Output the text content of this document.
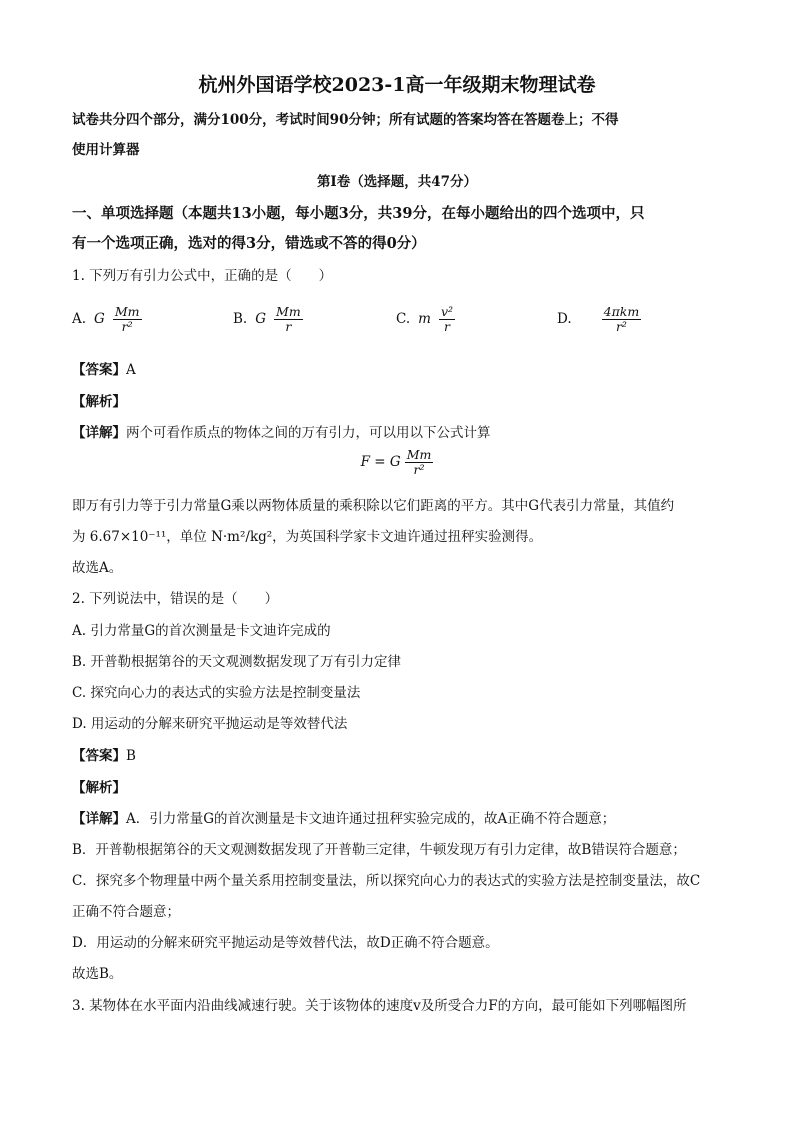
杭州外国语学校2023-1高一年级期末物理试卷
试卷共分四个部分，满分100分，考试时间90分钟；所有试题的答案均答在答题卷上；不得
使用计算器
第Ⅰ卷（选择题，共47分）
一、单项选择题（本题共13小题，每小题3分，共39分，在每小题给出的四个选项中，只
有一个选项正确，选对的得3分，错选或不答的得0分）
1. 下列万有引力公式中，正确的是（　　）
A. G $\frac{Mm}{\text{r²}}$	B. G $\frac{Mm}{r}$	C. m $\frac{\text{v²}}{r}$	D. $\frac{\text{4πkm}}{\text{r²}}$
【答案】A
【解析】
【详解】两个可看作质点的物体之间的万有引力，可以用以下公式计算
F = G $\frac{Mm}{\text{r²}}$
即万有引力等于引力常量G乘以两物体质量的乘积除以它们距离的平方。其中G代表引力常量，其值约
为 6.67×10⁻¹¹，单位 N·m²/kg²，为英国科学家卡文迪许通过扭秤实验测得。
故选A。
2. 下列说法中，错误的是（　　）
A. 引力常量G的首次测量是卡文迪许完成的
B. 开普勒根据第谷的天文观测数据发现了万有引力定律
C. 探究向心力的表达式的实验方法是控制变量法
D. 用运动的分解来研究平抛运动是等效替代法
【答案】B
【解析】
【详解】A．引力常量G的首次测量是卡文迪许通过扭秤实验完成的，故A正确不符合题意；
B．开普勒根据第谷的天文观测数据发现了开普勒三定律，牛顿发现万有引力定律，故B错误符合题意；
C．探究多个物理量中两个量关系用控制变量法，所以探究向心力的表达式的实验方法是控制变量法，故C
正确不符合题意；
D．用运动的分解来研究平抛运动是等效替代法，故D正确不符合题意。
故选B。
3. 某物体在水平面内沿曲线减速行驶。关于该物体的速度v及所受合力F的方向，最可能如下列哪幅图所
